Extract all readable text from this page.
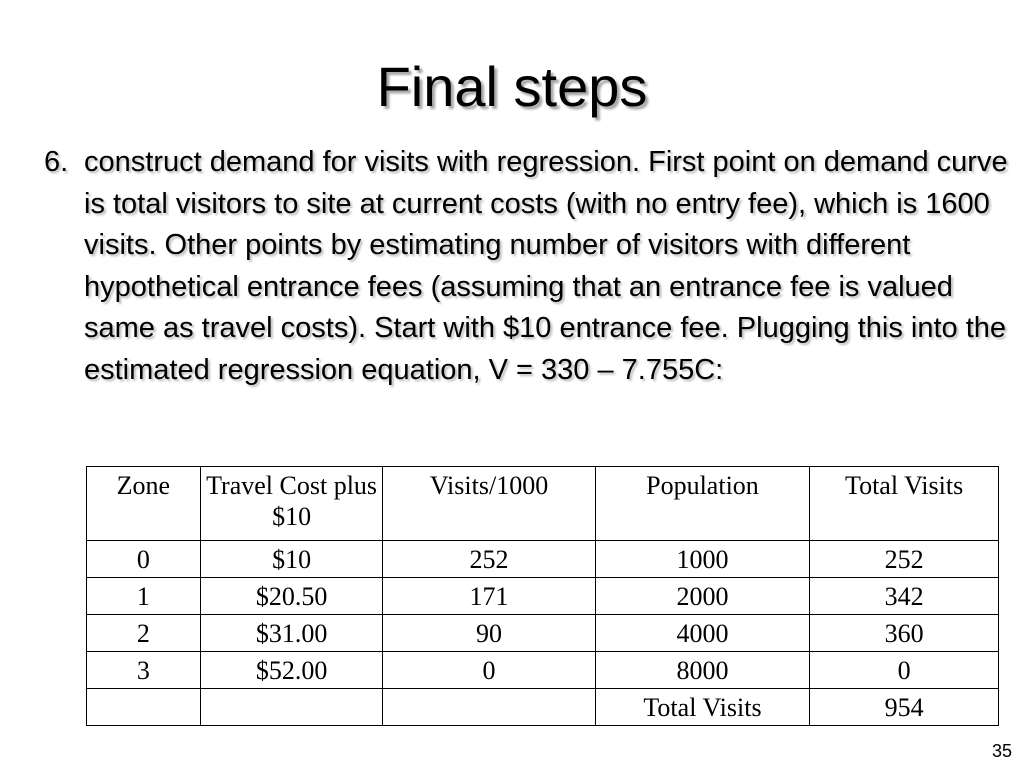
Final steps
6. construct demand for visits with regression. First point on demand curve is total visitors to site at current costs (with no entry fee), which is 1600 visits. Other points by estimating number of visitors with different hypothetical entrance fees (assuming that an entrance fee is valued same as travel costs). Start with $10 entrance fee. Plugging this into the estimated regression equation, V = 330 – 7.755C:
Zone	Travel Cost plus $10	Visits/1000	Population	Total Visits
0	$10	252	1000	252
1	$20.50	171	2000	342
2	$31.00	90	4000	360
3	$52.00	0	8000	0
			Total Visits	954
35
